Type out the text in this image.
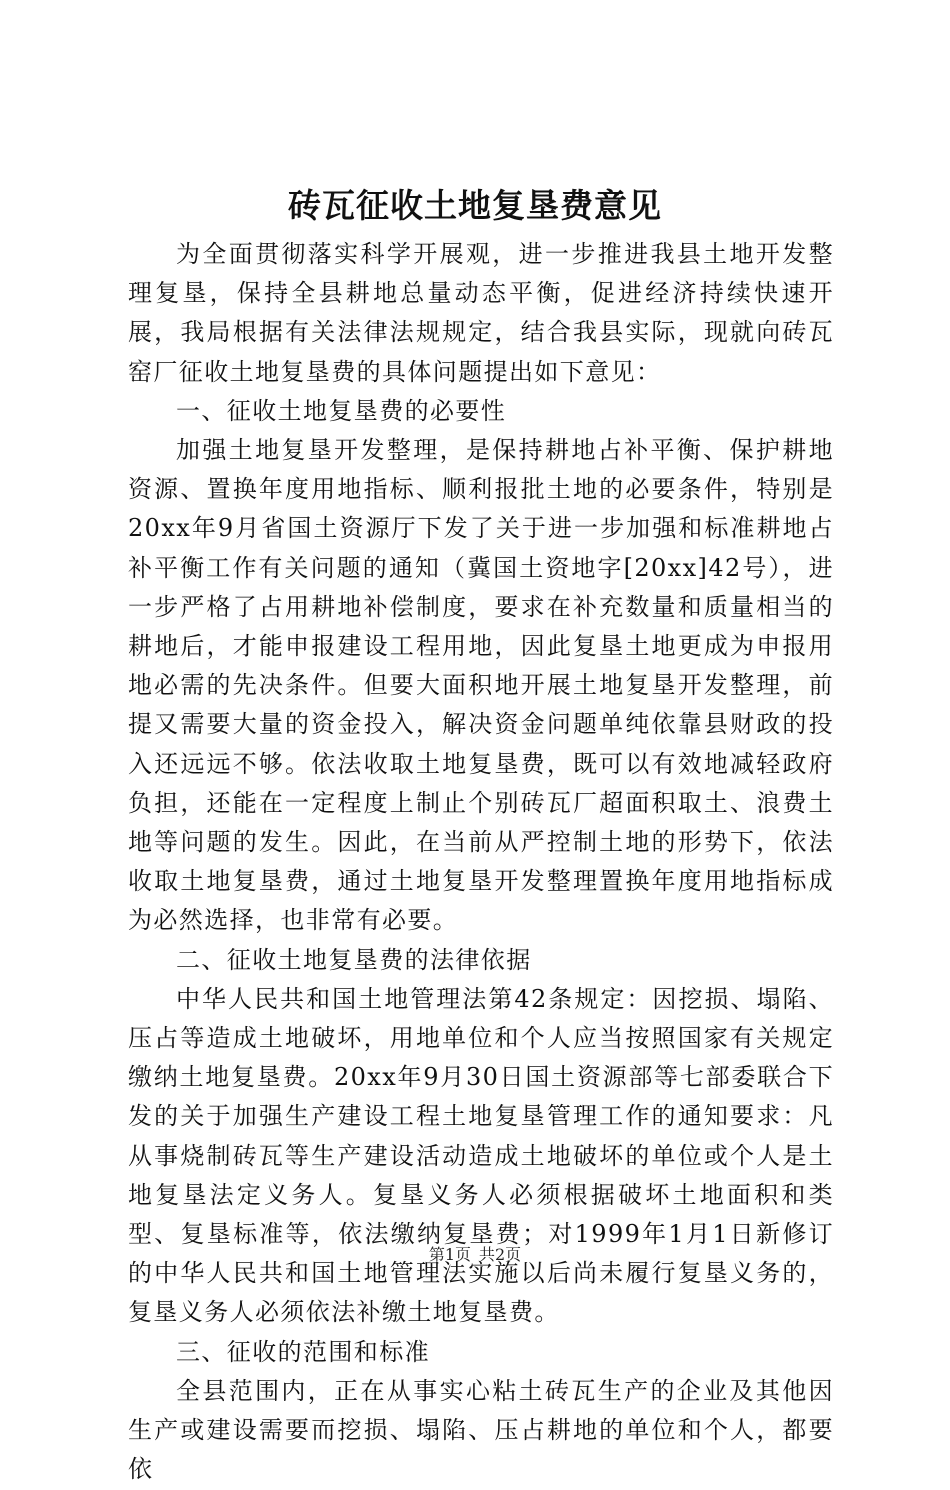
砖瓦征收土地复垦费意见

为全面贯彻落实科学开展观，进一步推进我县土地开发整理复垦，保持全县耕地总量动态平衡，促进经济持续快速开展，我局根据有关法律法规规定，结合我县实际，现就向砖瓦窑厂征收土地复垦费的具体问题提出如下意见：

一、征收土地复垦费的必要性

加强土地复垦开发整理，是保持耕地占补平衡、保护耕地资源、置换年度用地指标、顺利报批土地的必要条件，特别是20xx年9月省国土资源厅下发了关于进一步加强和标准耕地占补平衡工作有关问题的通知（冀国土资地字[20xx]42号），进一步严格了占用耕地补偿制度，要求在补充数量和质量相当的耕地后，才能申报建设工程用地，因此复垦土地更成为申报用地必需的先决条件。但要大面积地开展土地复垦开发整理，前提又需要大量的资金投入，解决资金问题单纯依靠县财政的投入还远远不够。依法收取土地复垦费，既可以有效地减轻政府负担，还能在一定程度上制止个别砖瓦厂超面积取土、浪费土地等问题的发生。因此，在当前从严控制土地的形势下，依法收取土地复垦费，通过土地复垦开发整理置换年度用地指标成为必然选择，也非常有必要。

二、征收土地复垦费的法律依据

中华人民共和国土地管理法第42条规定：因挖损、塌陷、压占等造成土地破坏，用地单位和个人应当按照国家有关规定缴纳土地复垦费。20xx年9月30日国土资源部等七部委联合下发的关于加强生产建设工程土地复垦管理工作的通知要求：凡从事烧制砖瓦等生产建设活动造成土地破坏的单位或个人是土地复垦法定义务人。复垦义务人必须根据破坏土地面积和类型、复垦标准等，依法缴纳复垦费；对1999年1月1日新修订的中华人民共和国土地管理法实施以后尚未履行复垦义务的，复垦义务人必须依法补缴土地复垦费。

三、征收的范围和标准

全县范围内，正在从事实心粘土砖瓦生产的企业及其他因生产或建设需要而挖损、塌陷、压占耕地的单位和个人，都要依

第1页 共2页
